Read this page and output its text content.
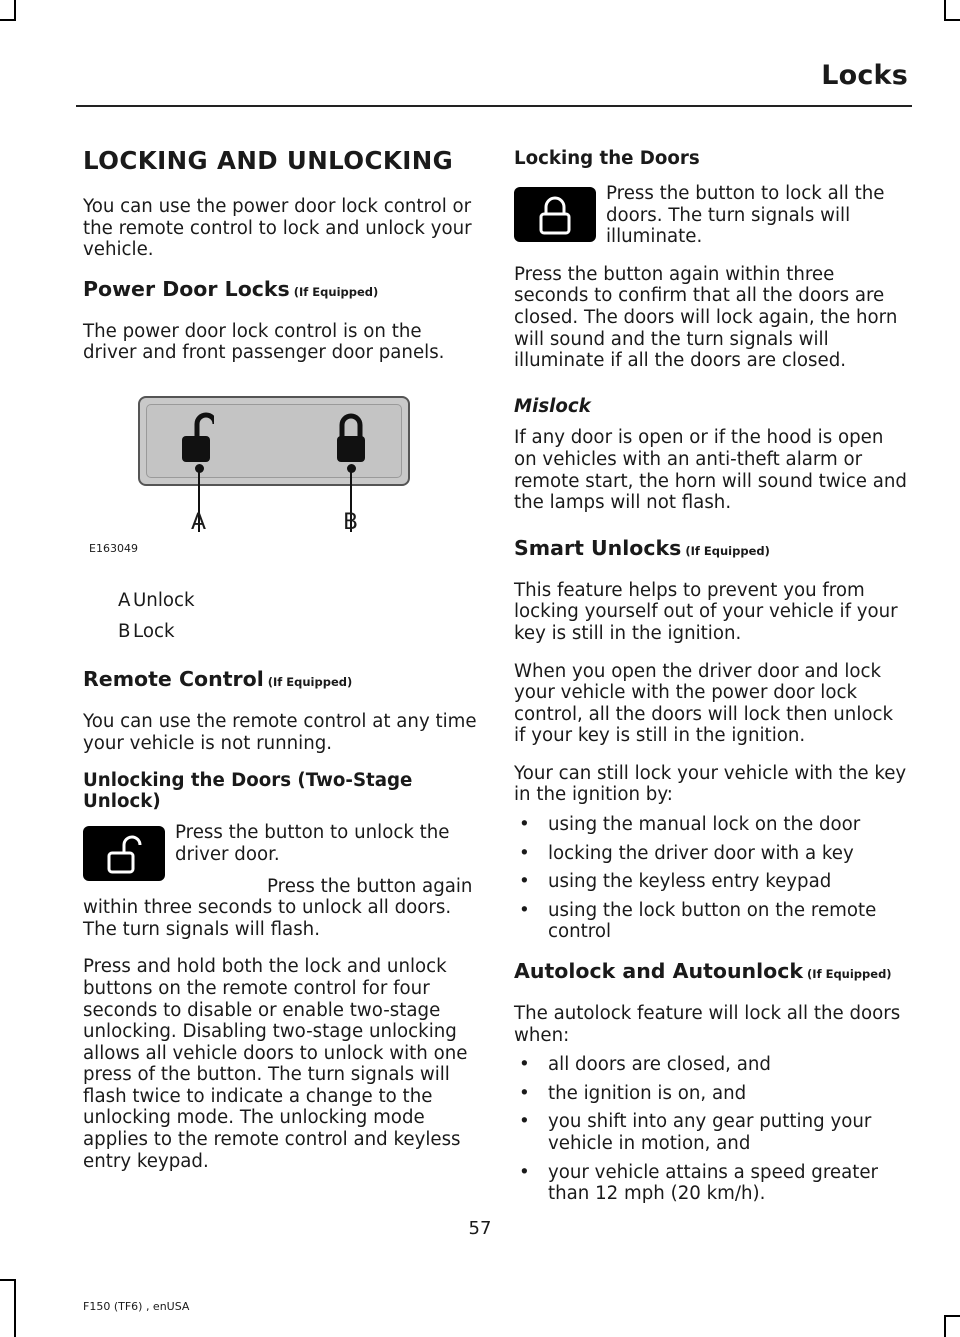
Locks
LOCKING AND UNLOCKING

You can use the power door lock control or the remote control to lock and unlock your vehicle.

Power Door Locks (If Equipped)

The power door lock control is on the driver and front passenger door panels.

A	B
E163049
A Unlock
B Lock
Remote Control (If Equipped)

You can use the remote control at any time your vehicle is not running.

Unlocking the Doors (Two-Stage Unlock)

Press the button to unlock the driver door.

Press the button again within three seconds to unlock all doors. The turn signals will flash.

Press and hold both the lock and unlock buttons on the remote control for four seconds to disable or enable two-stage unlocking. Disabling two-stage unlocking allows all vehicle doors to unlock with one press of the button. The turn signals will flash twice to indicate a change to the unlocking mode. The unlocking mode applies to the remote control and keyless entry keypad.

Locking the Doors

Press the button to lock all the doors. The turn signals will illuminate.

Press the button again within three seconds to confirm that all the doors are closed. The doors will lock again, the horn will sound and the turn signals will illuminate if all the doors are closed.

Mislock

If any door is open or if the hood is open on vehicles with an anti-theft alarm or remote start, the horn will sound twice and the lamps will not flash.

Smart Unlocks (If Equipped)

This feature helps to prevent you from locking yourself out of your vehicle if your key is still in the ignition.

When you open the driver door and lock your vehicle with the power door lock control, all the doors will lock then unlock if your key is still in the ignition.

Your can still lock your vehicle with the key in the ignition by:

• using the manual lock on the door
• locking the driver door with a key
• using the keyless entry keypad
• using the lock button on the remote control
Autolock and Autounlock (If Equipped)

The autolock feature will lock all the doors when:

• all doors are closed, and
• the ignition is on, and
• you shift into any gear putting your vehicle in motion, and
• your vehicle attains a speed greater than 12 mph (20 km/h).
57
F150 (TF6) , enUSA
